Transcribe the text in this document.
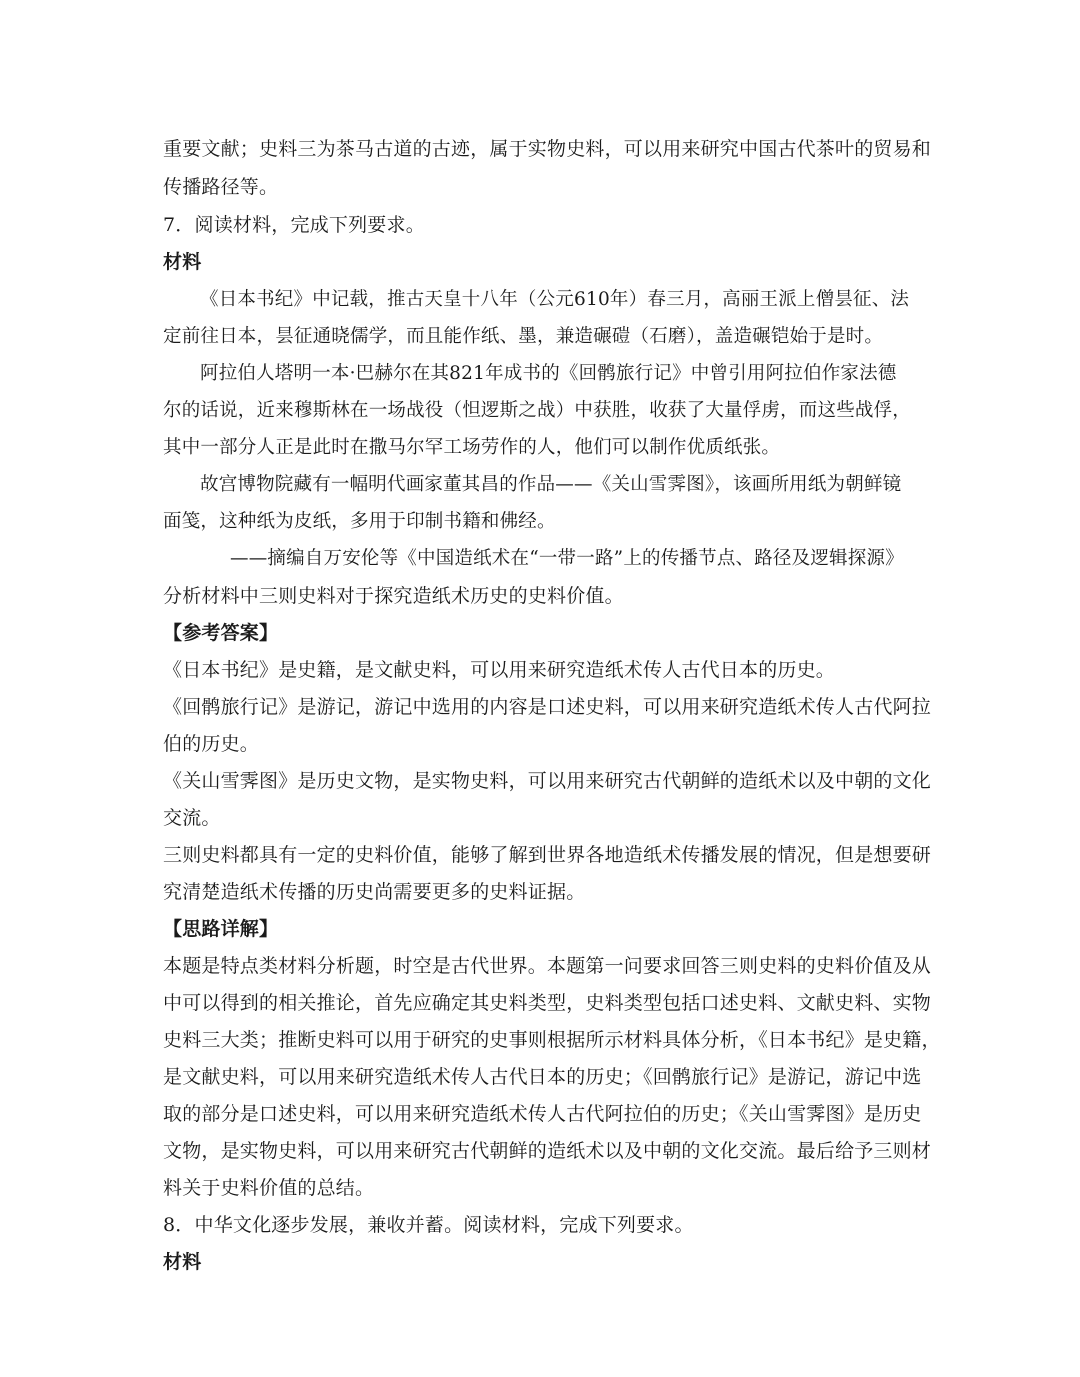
重要文献；史料三为茶马古道的古迹，属于实物史料，可以用来研究中国古代茶叶的贸易和
传播路径等。
7．阅读材料，完成下列要求。
材料
《日本书纪》中记载，推古天皇十八年（公元610年）春三月，高丽王派上僧昙征、法
定前往日本，昙征通晓儒学，而且能作纸、墨，兼造碾磑（石磨），盖造碾铠始于是时。
阿拉伯人塔明一本·巴赫尔在其821年成书的《回鹘旅行记》中曾引用阿拉伯作家法德
尔的话说，近来穆斯林在一场战役（怛逻斯之战）中获胜，收获了大量俘虏，而这些战俘，
其中一部分人正是此时在撒马尔罕工场劳作的人，他们可以制作优质纸张。
故宫博物院藏有一幅明代画家董其昌的作品——《关山雪霁图》，该画所用纸为朝鲜镜
面笺，这种纸为皮纸，多用于印制书籍和佛经。
——摘编自万安伦等《中国造纸术在“一带一路”上的传播节点、路径及逻辑探源》
分析材料中三则史料对于探究造纸术历史的史料价值。
【参考答案】
《日本书纪》是史籍，是文献史料，可以用来研究造纸术传人古代日本的历史。
《回鹘旅行记》是游记，游记中选用的内容是口述史料，可以用来研究造纸术传人古代阿拉
伯的历史。
《关山雪霁图》是历史文物，是实物史料，可以用来研究古代朝鲜的造纸术以及中朝的文化
交流。
三则史料都具有一定的史料价值，能够了解到世界各地造纸术传播发展的情况，但是想要研
究清楚造纸术传播的历史尚需要更多的史料证据。
【思路详解】
本题是特点类材料分析题，时空是古代世界。本题第一问要求回答三则史料的史料价值及从
中可以得到的相关推论，首先应确定其史料类型，史料类型包括口述史料、文献史料、实物
史料三大类；推断史料可以用于研究的史事则根据所示材料具体分析，《日本书纪》是史籍，
是文献史料，可以用来研究造纸术传人古代日本的历史；《回鹘旅行记》是游记，游记中选
取的部分是口述史料，可以用来研究造纸术传人古代阿拉伯的历史；《关山雪霁图》是历史
文物，是实物史料，可以用来研究古代朝鲜的造纸术以及中朝的文化交流。最后给予三则材
料关于史料价值的总结。
8．中华文化逐步发展，兼收并蓄。阅读材料，完成下列要求。
材料
